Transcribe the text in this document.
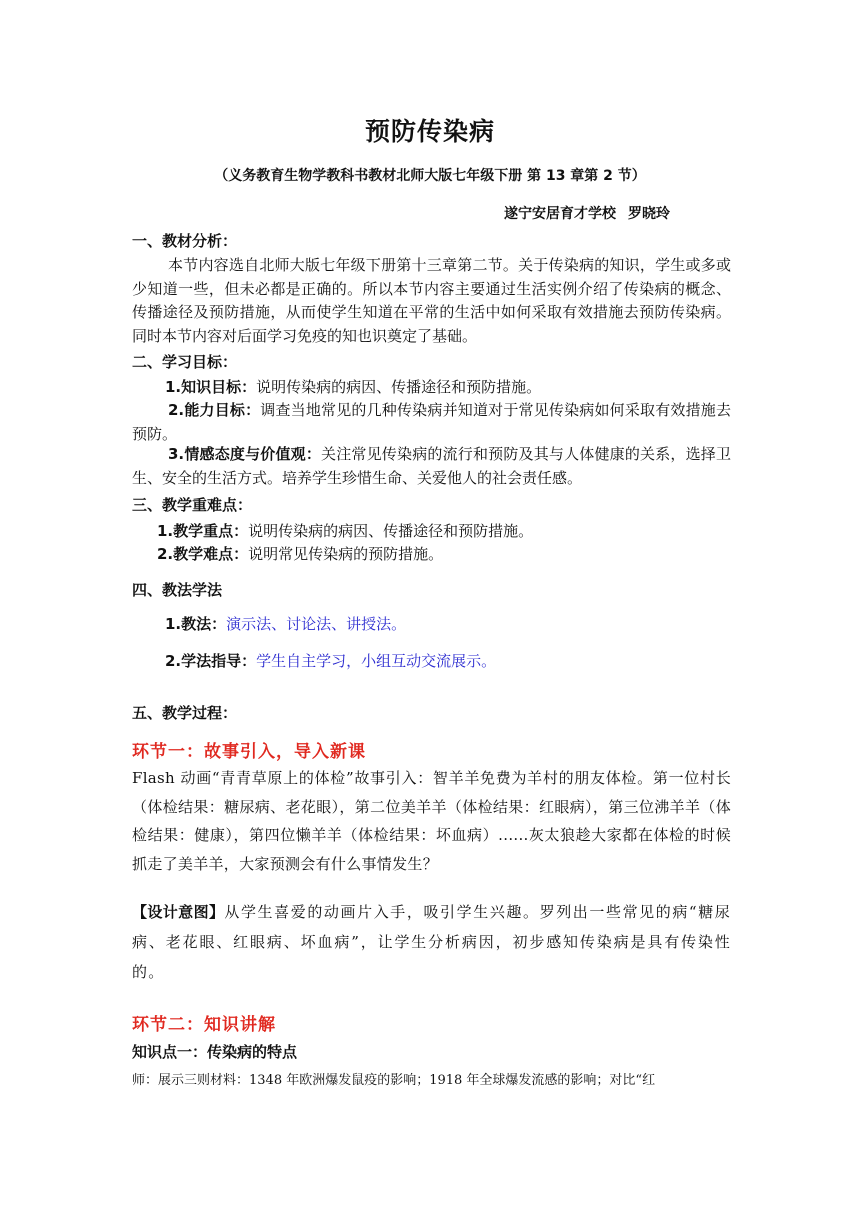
预防传染病
（义务教育生物学教科书教材北师大版七年级下册 第 13 章第 2 节）
遂宁安居育才学校 罗晓玲
一、教材分析：
本节内容选自北师大版七年级下册第十三章第二节。关于传染病的知识，学生或多或少知道一些，但未必都是正确的。所以本节内容主要通过生活实例介绍了传染病的概念、传播途径及预防措施，从而使学生知道在平常的生活中如何采取有效措施去预防传染病。同时本节内容对后面学习免疫的知也识奠定了基础。
二、学习目标：
1.知识目标：说明传染病的病因、传播途径和预防措施。
2.能力目标：调查当地常见的几种传染病并知道对于常见传染病如何采取有效措施去预防。
3.情感态度与价值观：关注常见传染病的流行和预防及其与人体健康的关系，选择卫生、安全的生活方式。培养学生珍惜生命、关爱他人的社会责任感。
三、教学重难点：
1.教学重点：说明传染病的病因、传播途径和预防措施。
2.教学难点：说明常见传染病的预防措施。
四、教法学法
1.教法：演示法、讨论法、讲授法。
2.学法指导：学生自主学习，小组互动交流展示。
五、教学过程：
环节一：故事引入，导入新课
Flash 动画“青青草原上的体检”故事引入：智羊羊免费为羊村的朋友体检。第一位村长（体检结果：糖尿病、老花眼），第二位美羊羊（体检结果：红眼病），第三位沸羊羊（体检结果：健康），第四位懒羊羊（体检结果：坏血病）......灰太狼趁大家都在体检的时候抓走了美羊羊，大家预测会有什么事情发生？
【设计意图】从学生喜爱的动画片入手，吸引学生兴趣。罗列出一些常见的病“糖尿病、老花眼、红眼病、坏血病”，让学生分析病因，初步感知传染病是具有传染性的。
环节二：知识讲解
知识点一：传染病的特点
师：展示三则材料：1348 年欧洲爆发鼠疫的影响；1918 年全球爆发流感的影响；对比“红
